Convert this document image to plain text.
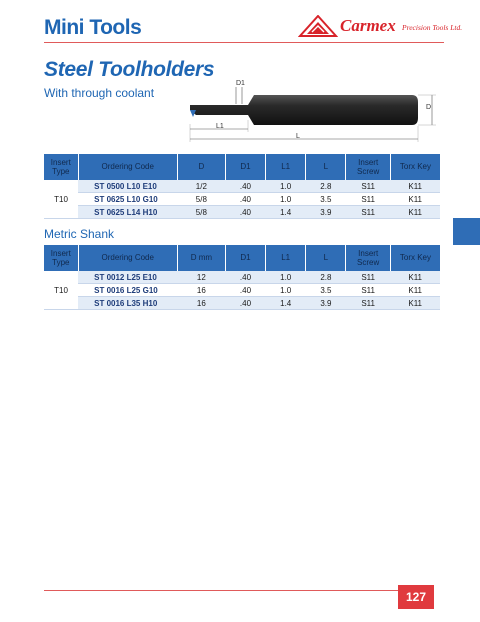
Mini Tools	Carmex Precision Tools Ltd.
Steel Toolholders
With through coolant
D1
D
L1
L
Insert Type	Ordering Code	D	D1	L1	L	Insert Screw	Torx Key
T10	ST 0500 L10 E10	1/2	.40	1.0	2.8	S11	K11
	ST 0625 L10 G10	5/8	.40	1.0	3.5	S11	K11
	ST 0625 L14 H10	5/8	.40	1.4	3.9	S11	K11
Metric Shank
Insert Type	Ordering Code	D mm	D1	L1	L	Insert Screw	Torx Key
T10	ST 0012 L25 E10	12	.40	1.0	2.8	S11	K11
	ST 0016 L25 G10	16	.40	1.0	3.5	S11	K11
	ST 0016 L35 H10	16	.40	1.4	3.9	S11	K11
127
